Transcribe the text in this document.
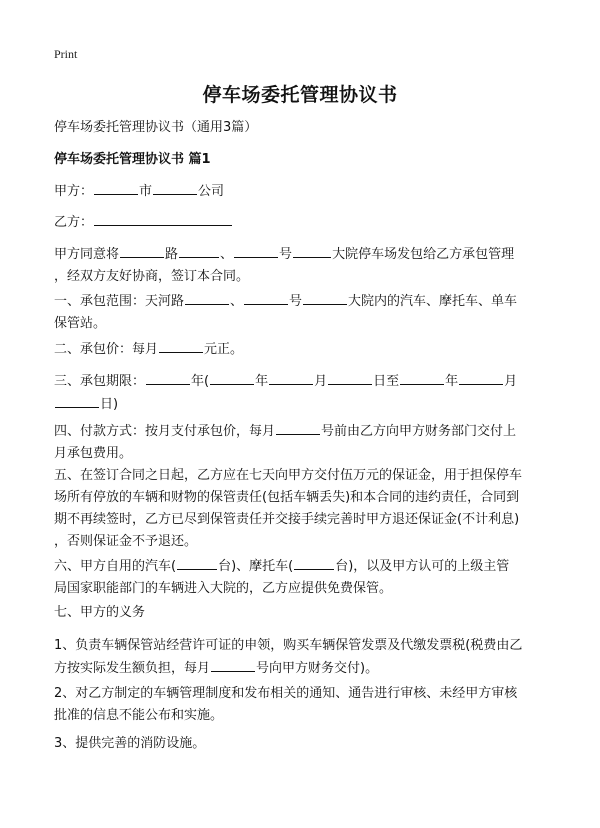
Print
停车场委托管理协议书
停车场委托管理协议书（通用3篇）
停车场委托管理协议书 篇1
甲方：	市	公司
乙方：
甲方同意将	路	、	号	大院停车场发包给乙方承包管理
，经双方友好协商，签订本合同。
一、承包范围：天河路	、	号	大院内的汽车、摩托车、单车
保管站。
二、承包价：每月	元正。
三、承包期限：	年(	年	月	日至	年	月
日)
四、付款方式：按月支付承包价，每月	号前由乙方向甲方财务部门交付上
月承包费用。
五、在签订合同之日起，乙方应在七天向甲方交付伍万元的保证金，用于担保停车
场所有停放的车辆和财物的保管责任(包括车辆丢失)和本合同的违约责任，合同到
期不再续签时，乙方已尽到保管责任并交接手续完善时甲方退还保证金(不计利息)
，否则保证金不予退还。
六、甲方自用的汽车(	台)、摩托车(	台)，以及甲方认可的上级主管
局国家职能部门的车辆进入大院的，乙方应提供免费保管。
七、甲方的义务
1、负责车辆保管站经营许可证的申领，购买车辆保管发票及代缴发票税(税费由乙
方按实际发生额负担，每月	号向甲方财务交付)。
2、对乙方制定的车辆管理制度和发布相关的通知、通告进行审核、未经甲方审核
批准的信息不能公布和实施。
3、提供完善的消防设施。
